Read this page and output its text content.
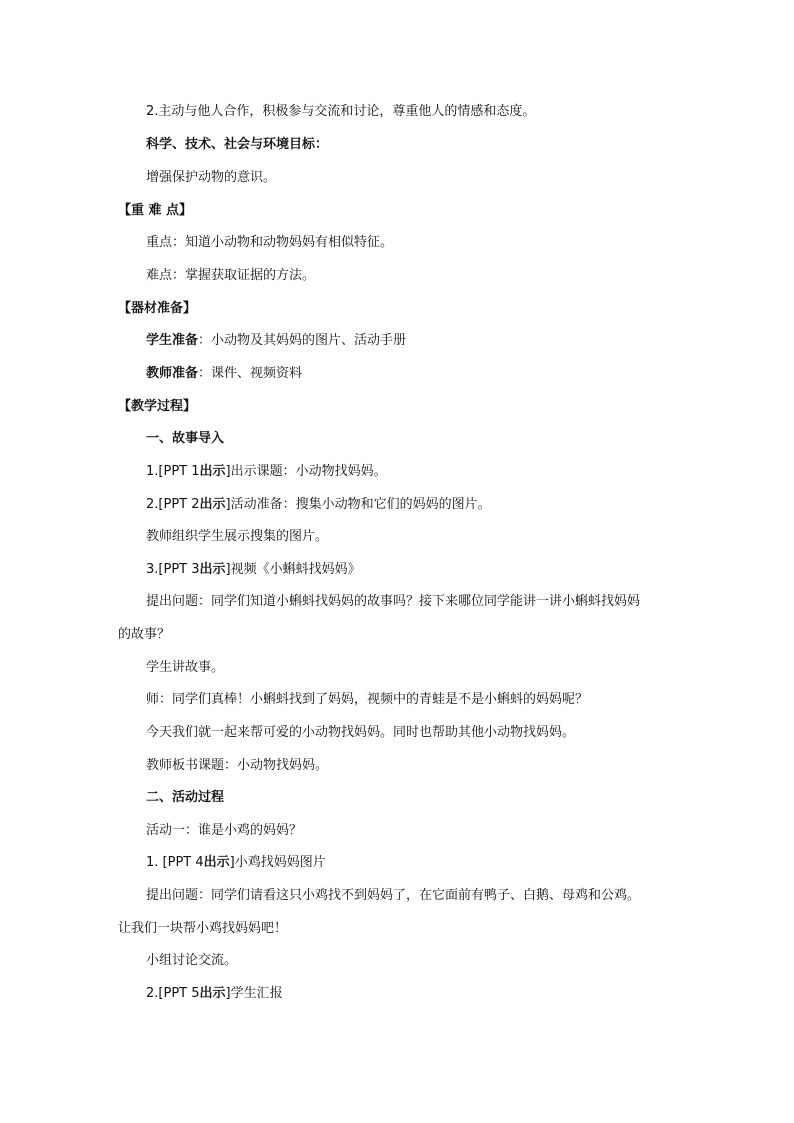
2.主动与他人合作，积极参与交流和讨论，尊重他人的情感和态度。
科学、技术、社会与环境目标：
增强保护动物的意识。
【重 难 点】
重点：知道小动物和动物妈妈有相似特征。
难点：掌握获取证据的方法。
【器材准备】
学生准备：小动物及其妈妈的图片、活动手册
教师准备：课件、视频资料
【教学过程】
一、故事导入
1.[PPT 1出示]出示课题：小动物找妈妈。
2.[PPT 2出示]活动准备：搜集小动物和它们的妈妈的图片。
教师组织学生展示搜集的图片。
3.[PPT 3出示]视频《小蝌蚪找妈妈》
提出问题：同学们知道小蝌蚪找妈妈的故事吗？接下来哪位同学能讲一讲小蝌蚪找妈妈
的故事？
学生讲故事。
师：同学们真棒！小蝌蚪找到了妈妈，视频中的青蛙是不是小蝌蚪的妈妈呢？
今天我们就一起来帮可爱的小动物找妈妈。同时也帮助其他小动物找妈妈。
教师板书课题：小动物找妈妈。
二、活动过程
活动一：谁是小鸡的妈妈？
1. [PPT 4出示]小鸡找妈妈图片
提出问题：同学们请看这只小鸡找不到妈妈了，在它面前有鸭子、白鹅、母鸡和公鸡。
让我们一块帮小鸡找妈妈吧！
小组讨论交流。
2.[PPT 5出示]学生汇报
